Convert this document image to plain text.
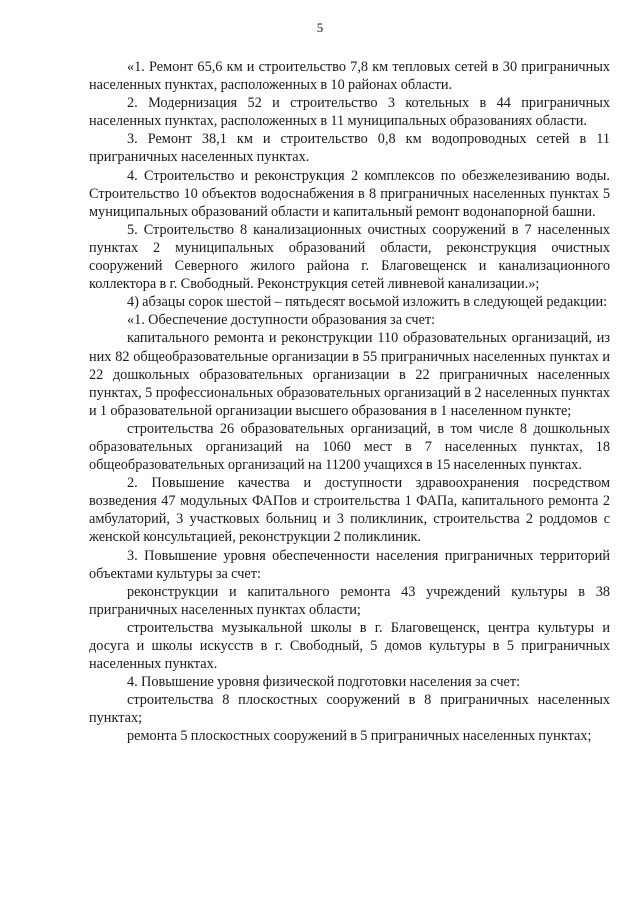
5

«1. Ремонт 65,6 км и строительство 7,8 км тепловых сетей в 30 приграничных населенных пунктах, расположенных в 10 районах области.

2. Модернизация 52 и строительство 3 котельных в 44 приграничных населенных пунктах, расположенных в 11 муниципальных образованиях области.

3. Ремонт 38,1 км и строительство 0,8 км водопроводных сетей в 11 приграничных населенных пунктах.

4. Строительство и реконструкция 2 комплексов по обезжелезиванию воды. Строительство 10 объектов водоснабжения в 8 приграничных населенных пунктах 5 муниципальных образований области и капитальный ремонт водонапорной башни.

5. Строительство 8 канализационных очистных сооружений в 7 населенных пунктах 2 муниципальных образований области, реконструкция очистных сооружений Северного жилого района г. Благовещенск и канализационного коллектора в г. Свободный. Реконструкция сетей ливневой канализации.»;

4) абзацы сорок шестой – пятьдесят восьмой изложить в следующей редакции:

«1. Обеспечение доступности образования за счет:

капитального ремонта и реконструкции 110 образовательных организаций, из них 82 общеобразовательные организации в 55 приграничных населенных пунктах и 22 дошкольных образовательных организации в 22 приграничных населенных пунктах, 5 профессиональных образовательных организаций в 2 населенных пунктах и 1 образовательной организации высшего образования в 1 населенном пункте;

строительства 26 образовательных организаций, в том числе 8 дошкольных образовательных организаций на 1060 мест в 7 населенных пунктах, 18 общеобразовательных организаций на 11200 учащихся в 15 населенных пунктах.

2. Повышение качества и доступности здравоохранения посредством возведения 47 модульных ФАПов и строительства 1 ФАПа, капитального ремонта 2 амбулаторий, 3 участковых больниц и 3 поликлиник, строительства 2 роддомов с женской консультацией, реконструкции 2 поликлиник.

3. Повышение уровня обеспеченности населения приграничных территорий объектами культуры за счет:

реконструкции и капитального ремонта 43 учреждений культуры в 38 приграничных населенных пунктах области;

строительства музыкальной школы в г. Благовещенск, центра культуры и досуга и школы искусств в г. Свободный, 5 домов культуры в 5 приграничных населенных пунктах.

4. Повышение уровня физической подготовки населения за счет:

строительства 8 плоскостных сооружений в 8 приграничных населенных пунктах;

ремонта 5 плоскостных сооружений в 5 приграничных населенных пунктах;
